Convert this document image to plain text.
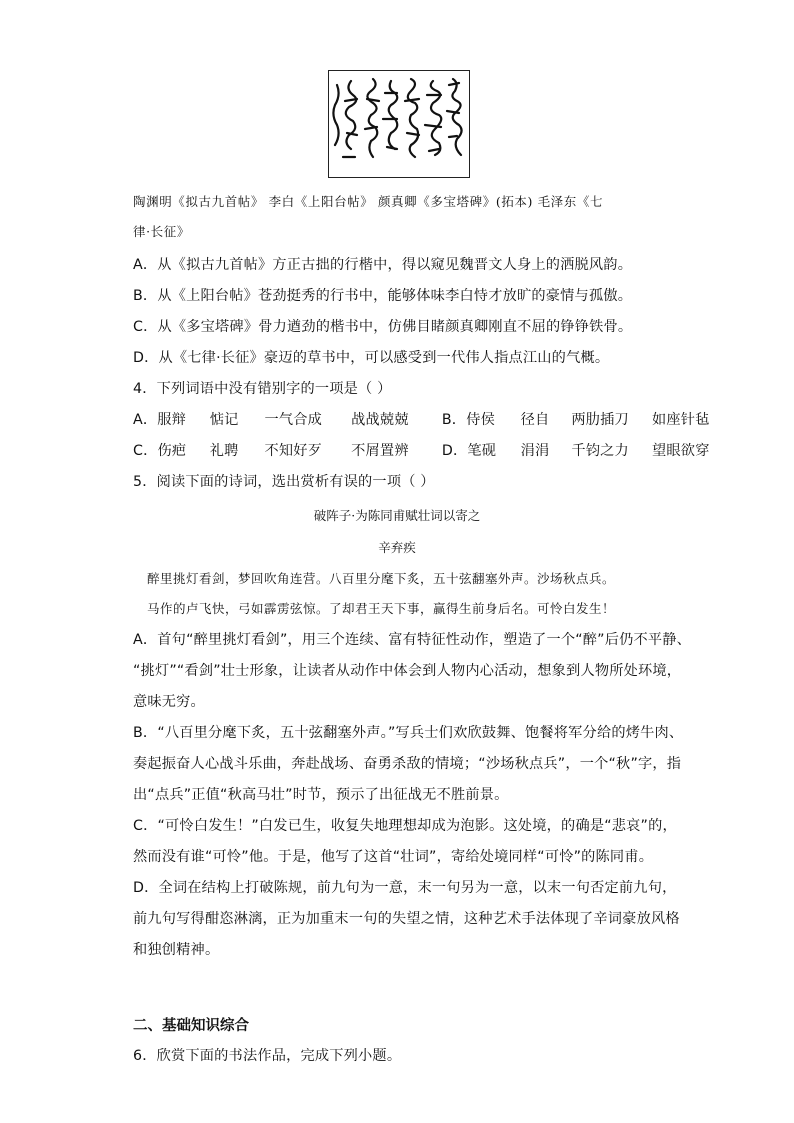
陶渊明《拟古九首帖》 李白《上阳台帖》 颜真卿《多宝塔碑》(拓本) 毛泽东《七
律·长征》
A．从《拟古九首帖》方正古拙的行楷中，得以窥见魏晋文人身上的洒脱风韵。
B．从《上阳台帖》苍劲挺秀的行书中，能够体味李白恃才放旷的豪情与孤傲。
C．从《多宝塔碑》骨力遒劲的楷书中，仿佛目睹颜真卿刚直不屈的铮铮铁骨。
D．从《七律·长征》豪迈的草书中，可以感受到一代伟人指点江山的气概。
4．下列词语中没有错别字的一项是（ ）
A．服辩 惦记 一气合成 战战兢兢 B．侍侯 径自 两肋插刀 如座针毡
C．伤疤 礼聘 不知好歹 不屑置辨 D．笔砚 涓涓 千钧之力 望眼欲穿
5．阅读下面的诗词，选出赏析有误的一项（ ）
破阵子·为陈同甫赋壮词以寄之
辛弃疾
醉里挑灯看剑，梦回吹角连营。八百里分麾下炙，五十弦翻塞外声。沙场秋点兵。
马作的卢飞快，弓如霹雳弦惊。了却君王天下事，赢得生前身后名。可怜白发生！
A．首句“醉里挑灯看剑”，用三个连续、富有特征性动作，塑造了一个“醉”后仍不平静、
“挑灯”“看剑”壮士形象，让读者从动作中体会到人物内心活动，想象到人物所处环境，
意味无穷。
B．“八百里分麾下炙，五十弦翻塞外声。”写兵士们欢欣鼓舞、饱餐将军分给的烤牛肉、
奏起振奋人心战斗乐曲，奔赴战场、奋勇杀敌的情境；“沙场秋点兵”，一个“秋”字，指
出“点兵”正值“秋高马壮”时节，预示了出征战无不胜前景。
C．“可怜白发生！”白发已生，收复失地理想却成为泡影。这处境，的确是“悲哀”的，
然而没有谁“可怜”他。于是，他写了这首“壮词”，寄给处境同样“可怜”的陈同甫。
D．全词在结构上打破陈规，前九句为一意，末一句另为一意，以末一句否定前九句，
前九句写得酣恣淋漓，正为加重末一句的失望之情，这种艺术手法体现了辛词豪放风格
和独创精神。
二、基础知识综合
6．欣赏下面的书法作品，完成下列小题。
